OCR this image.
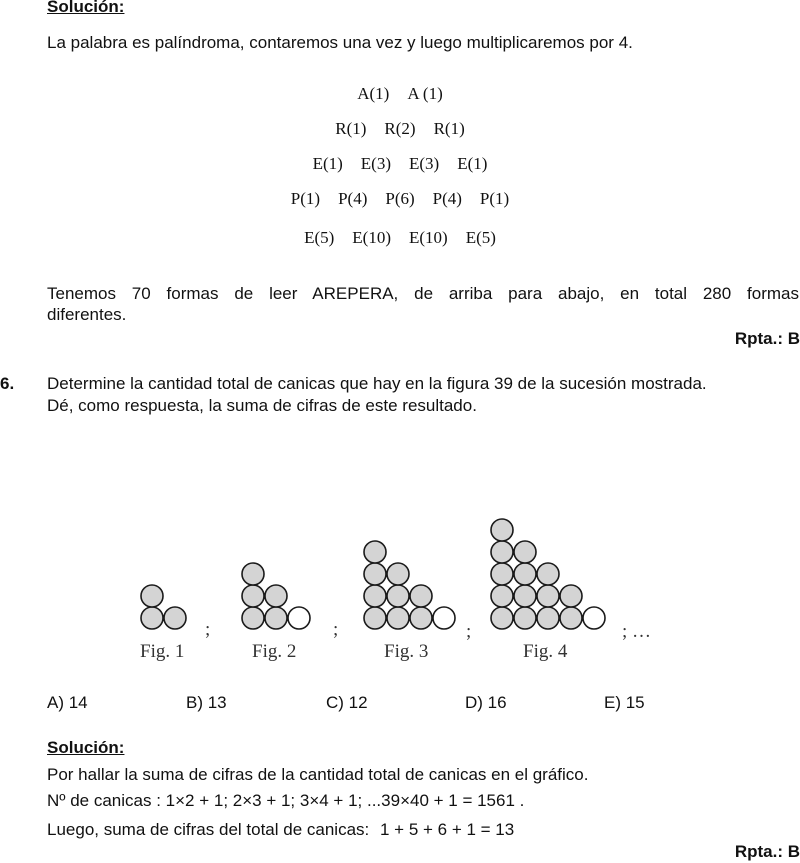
Solución:
La palabra es palíndroma, contaremos una vez y luego multiplicaremos por 4.
A(1) A (1)
R(1) R(2) R(1)
E(1) E(3) E(3) E(1)
P(1) P(4) P(6) P(4) P(1)
E(5) E(10) E(10) E(5)
Tenemos 70 formas de leer AREPERA, de arriba para abajo, en total 280 formas
diferentes.
Rpta.: B
6. Determine la cantidad total de canicas que hay en la figura 39 de la sucesión mostrada.
Dé, como respuesta, la suma de cifras de este resultado.
Fig. 1	Fig. 2	Fig. 3	Fig. 4
;	;	;	; …
A) 14	B) 13	C) 12	D) 16	E) 15
Solución:
Por hallar la suma de cifras de la cantidad total de canicas en el gráfico.
Nº de canicas : 1×2 + 1; 2×3 + 1; 3×4 + 1; ...39×40 + 1 = 1561 .
Luego, suma de cifras del total de canicas: 1 + 5 + 6 + 1 = 13
Rpta.: B
